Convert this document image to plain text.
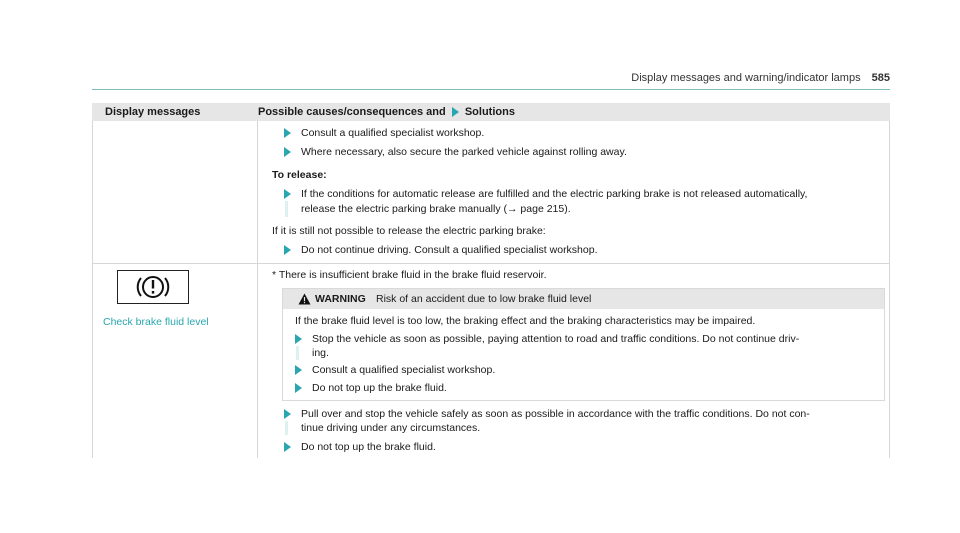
Display messages and warning/indicator lamps 585
Display messages	Possible causes/consequences and Solutions
Consult a qualified specialist workshop.
Where necessary, also secure the parked vehicle against rolling away.
To release:
If the conditions for automatic release are fulfilled and the electric parking brake is not released automatically,
release the electric parking brake manually (→ page 215).
If it is still not possible to release the electric parking brake:
Do not continue driving. Consult a qualified specialist workshop.
Check brake fluid level
* There is insufficient brake fluid in the brake fluid reservoir.
WARNING Risk of an accident due to low brake fluid level
If the brake fluid level is too low, the braking effect and the braking characteristics may be impaired.
Stop the vehicle as soon as possible, paying attention to road and traffic conditions. Do not continue driv-
ing.
Consult a qualified specialist workshop.
Do not top up the brake fluid.
Pull over and stop the vehicle safely as soon as possible in accordance with the traffic conditions. Do not con-
tinue driving under any circumstances.
Do not top up the brake fluid.
